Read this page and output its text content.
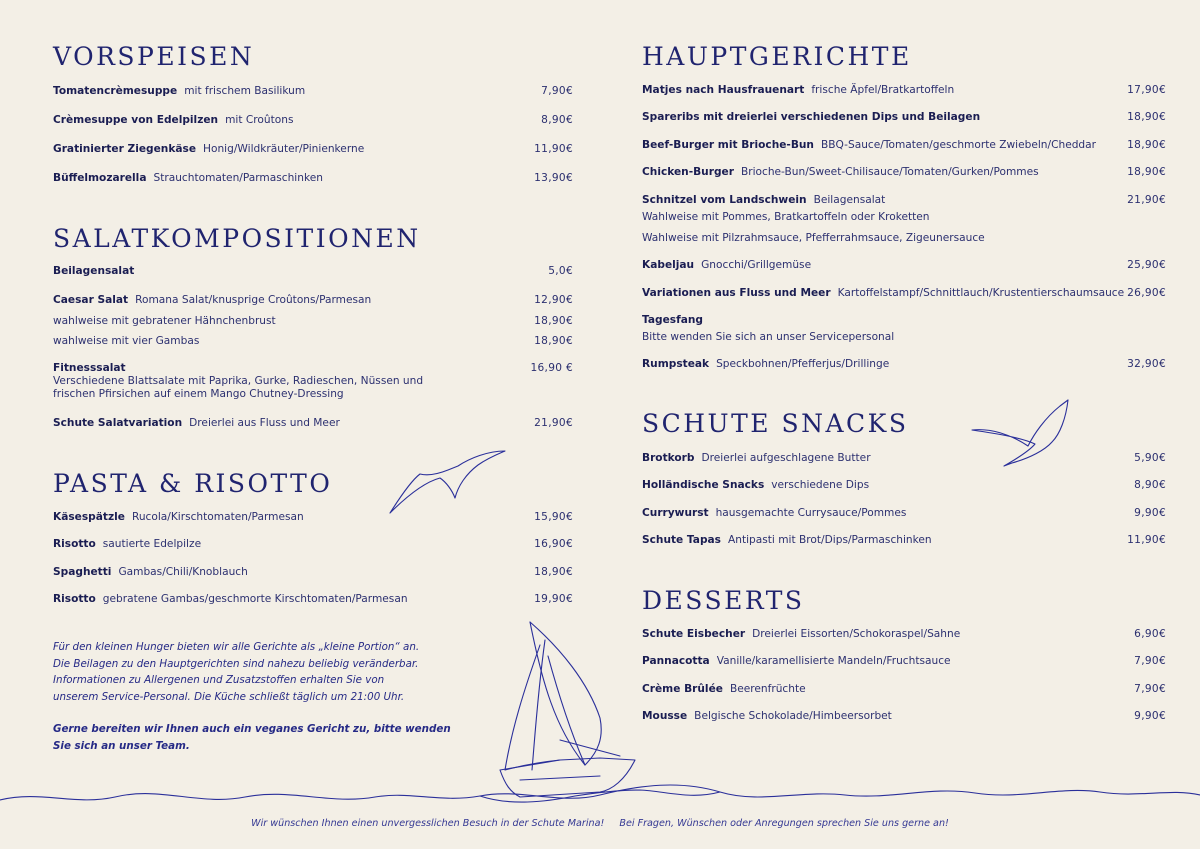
VORSPEISEN
Tomatencrèmesuppe mit frischem Basilikum	7,90€
Crèmesuppe von Edelpilzen mit Croûtons	8,90€
Gratinierter Ziegenkäse Honig/Wildkräuter/Pinienkerne	11,90€
Büffelmozarella Strauchtomaten/Parmaschinken	13,90€
SALATKOMPOSITIONEN
Beilagensalat	5,0€
Caesar Salat Romana Salat/knusprige Croûtons/Parmesan	12,90€
wahlweise mit gebratener Hähnchenbrust	18,90€
wahlweise mit vier Gambas	18,90€
Fitnesssalat	16,90 €

Verschiedene Blattsalate mit Paprika, Gurke, Radieschen, Nüssen und
frischen Pfirsichen auf einem Mango Chutney-Dressing
Schute Salatvariation Dreierlei aus Fluss und Meer	21,90€
PASTA & RISOTTO
Käsespätzle Rucola/Kirschtomaten/Parmesan	15,90€
Risotto sautierte Edelpilze	16,90€
Spaghetti Gambas/Chili/Knoblauch	18,90€
Risotto gebratene Gambas/geschmorte Kirschtomaten/Parmesan	19,90€
Für den kleinen Hunger bieten wir alle Gerichte als „kleine Portion“ an.
Die Beilagen zu den Hauptgerichten sind nahezu beliebig veränderbar.
Informationen zu Allergenen und Zusatzstoffen erhalten Sie von
unserem Service-Personal. Die Küche schließt täglich um 21:00 Uhr.
Gerne bereiten wir Ihnen auch ein veganes Gericht zu, bitte wenden
Sie sich an unser Team.
HAUPTGERICHTE
Matjes nach Hausfrauenart frische Äpfel/Bratkartoffeln	17,90€
Spareribs mit dreierlei verschiedenen Dips und Beilagen	18,90€
Beef-Burger mit Brioche-Bun BBQ-Sauce/Tomaten/geschmorte Zwiebeln/Cheddar	18,90€
Chicken-Burger Brioche-Bun/Sweet-Chilisauce/Tomaten/Gurken/Pommes	18,90€
Schnitzel vom Landschwein Beilagensalat	21,90€
Wahlweise mit Pommes, Bratkartoffeln oder Kroketten
Wahlweise mit Pilzrahmsauce, Pfefferrahmsauce, Zigeunersauce
Kabeljau Gnocchi/Grillgemüse	25,90€
Variationen aus Fluss und Meer Kartoffelstampf/Schnittlauch/Krustentierschaumsauce 26,90€
Tagesfang
Bitte wenden Sie sich an unser Servicepersonal
Rumpsteak Speckbohnen/Pfefferjus/Drillinge	32,90€
SCHUTE SNACKS
Brotkorb Dreierlei aufgeschlagene Butter	5,90€
Holländische Snacks verschiedene Dips	8,90€
Currywurst hausgemachte Currysauce/Pommes	9,90€
Schute Tapas Antipasti mit Brot/Dips/Parmaschinken	11,90€
DESSERTS
Schute Eisbecher Dreierlei Eissorten/Schokoraspel/Sahne	6,90€
Pannacotta Vanille/karamellisierte Mandeln/Fruchtsauce	7,90€
Crème Brûlée Beerenfrüchte	7,90€
Mousse Belgische Schokolade/Himbeersorbet	9,90€
Wir wünschen Ihnen einen unvergesslichen Besuch in der Schute Marina! Bei Fragen, Wünschen oder Anregungen sprechen Sie uns gerne an!
